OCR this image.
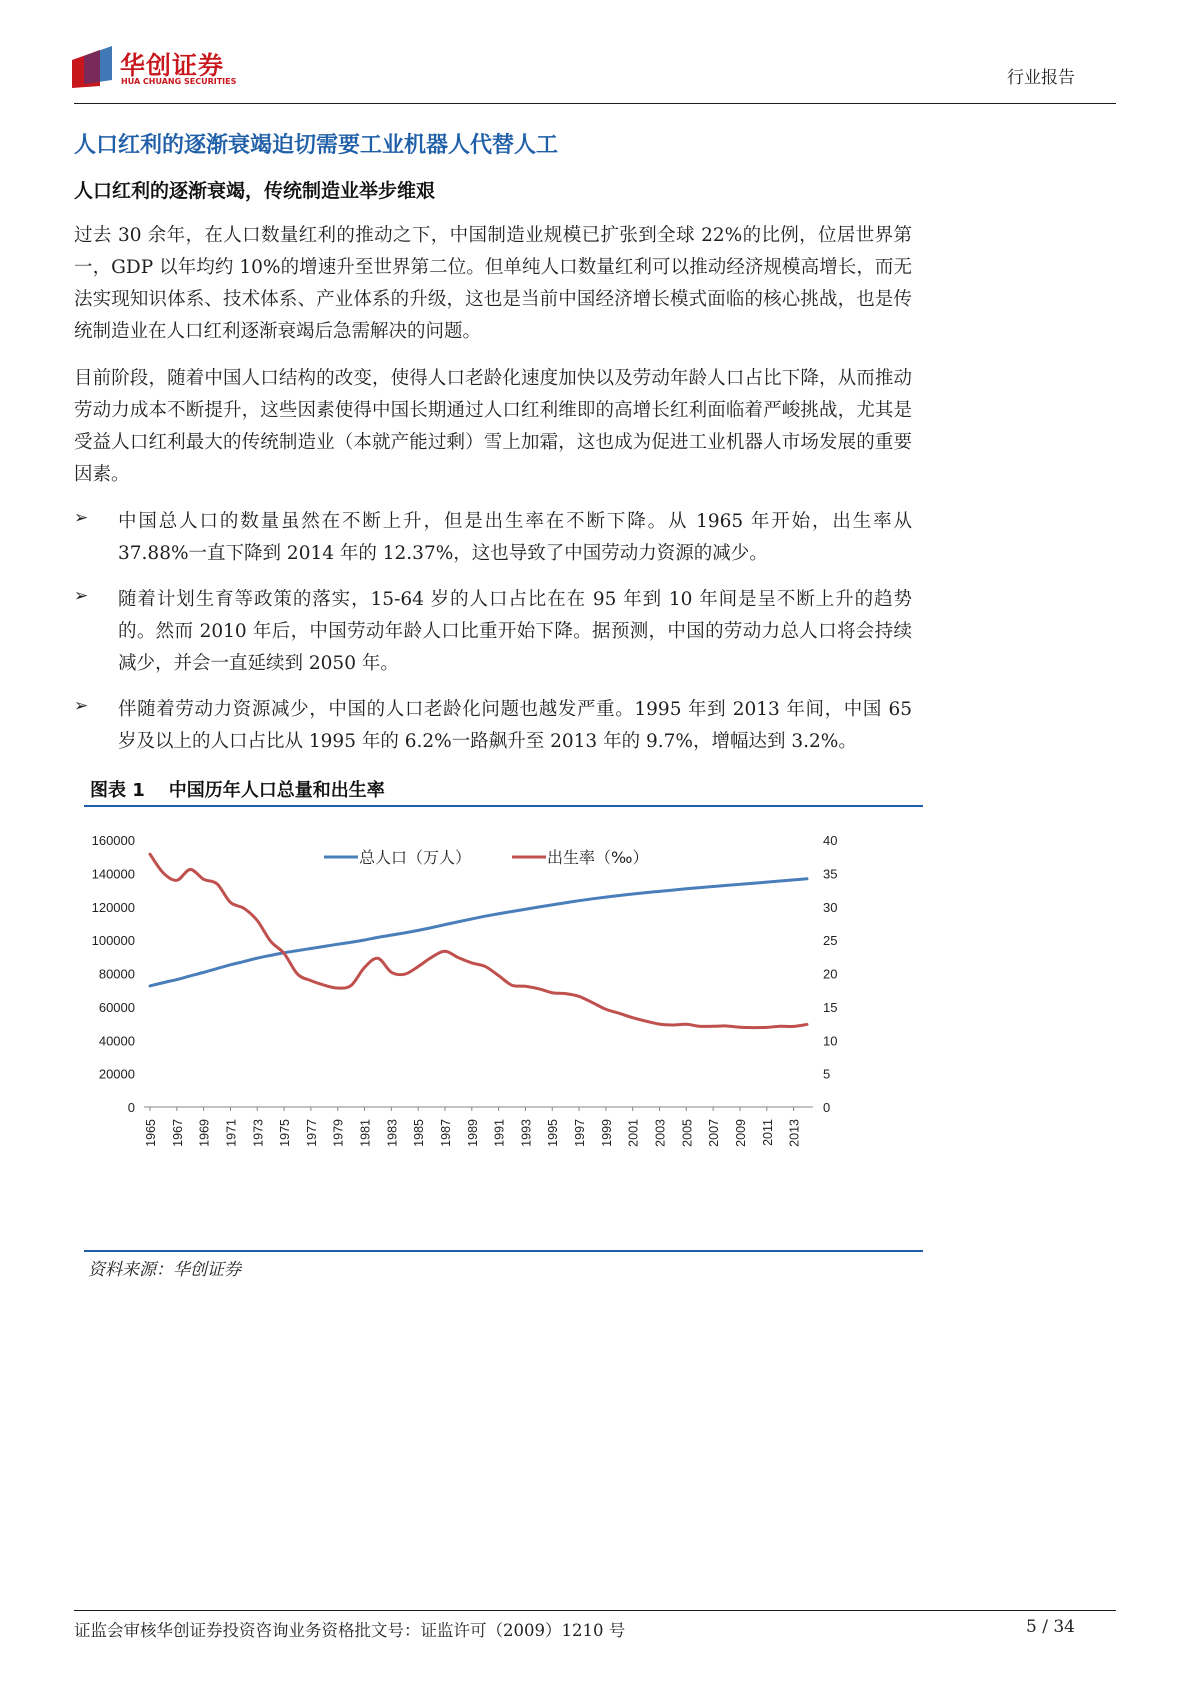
华创证券
HUA CHUANG SECURITIES	行业报告
人口红利的逐渐衰竭迫切需要工业机器人代替人工
人口红利的逐渐衰竭，传统制造业举步维艰

过去 30 余年，在人口数量红利的推动之下，中国制造业规模已扩张到全球 22%的比例，位居世界第一，GDP 以年均约 10%的增速升至世界第二位。但单纯人口数量红利可以推动经济规模高增长，而无法实现知识体系、技术体系、产业体系的升级，这也是当前中国经济增长模式面临的核心挑战，也是传统制造业在人口红利逐渐衰竭后急需解决的问题。

目前阶段，随着中国人口结构的改变，使得人口老龄化速度加快以及劳动年龄人口占比下降，从而推动劳动力成本不断提升，这些因素使得中国长期通过人口红利维即的高增长红利面临着严峻挑战，尤其是受益人口红利最大的传统制造业（本就产能过剩）雪上加霜，这也成为促进工业机器人市场发展的重要因素。

➢ 中国总人口的数量虽然在不断上升，但是出生率在不断下降。从 1965 年开始，出生率从 37.88%一直下降到 2014 年的 12.37%，这也导致了中国劳动力资源的减少。

➢ 随着计划生育等政策的落实，15-64 岁的人口占比在在 95 年到 10 年间是呈不断上升的趋势的。然而 2010 年后，中国劳动年龄人口比重开始下降。据预测，中国的劳动力总人口将会持续减少，并会一直延续到 2050 年。

➢ 伴随着劳动力资源减少，中国的人口老龄化问题也越发严重。1995 年到 2013 年间，中国 65 岁及以上的人口占比从 1995 年的 6.2%一路飙升至 2013 年的 9.7%，增幅达到 3.2%。

图表 1 中国历年人口总量和出生率
0
20000
40000
60000
80000
100000
120000
140000
160000
0
5
10
15
20
25
30
35
40
1965 1967 1969 1971 1973 1975 1977 1979 1981 1983 1985 1987 1989 1991 1993 1995 1997 1999 2001 2003 2005 2007 2009 2011 2013
总人口（万人）	出生率（‰）
资料来源：华创证券
证监会审核华创证券投资咨询业务资格批文号：证监许可（2009）1210 号	5 / 34
